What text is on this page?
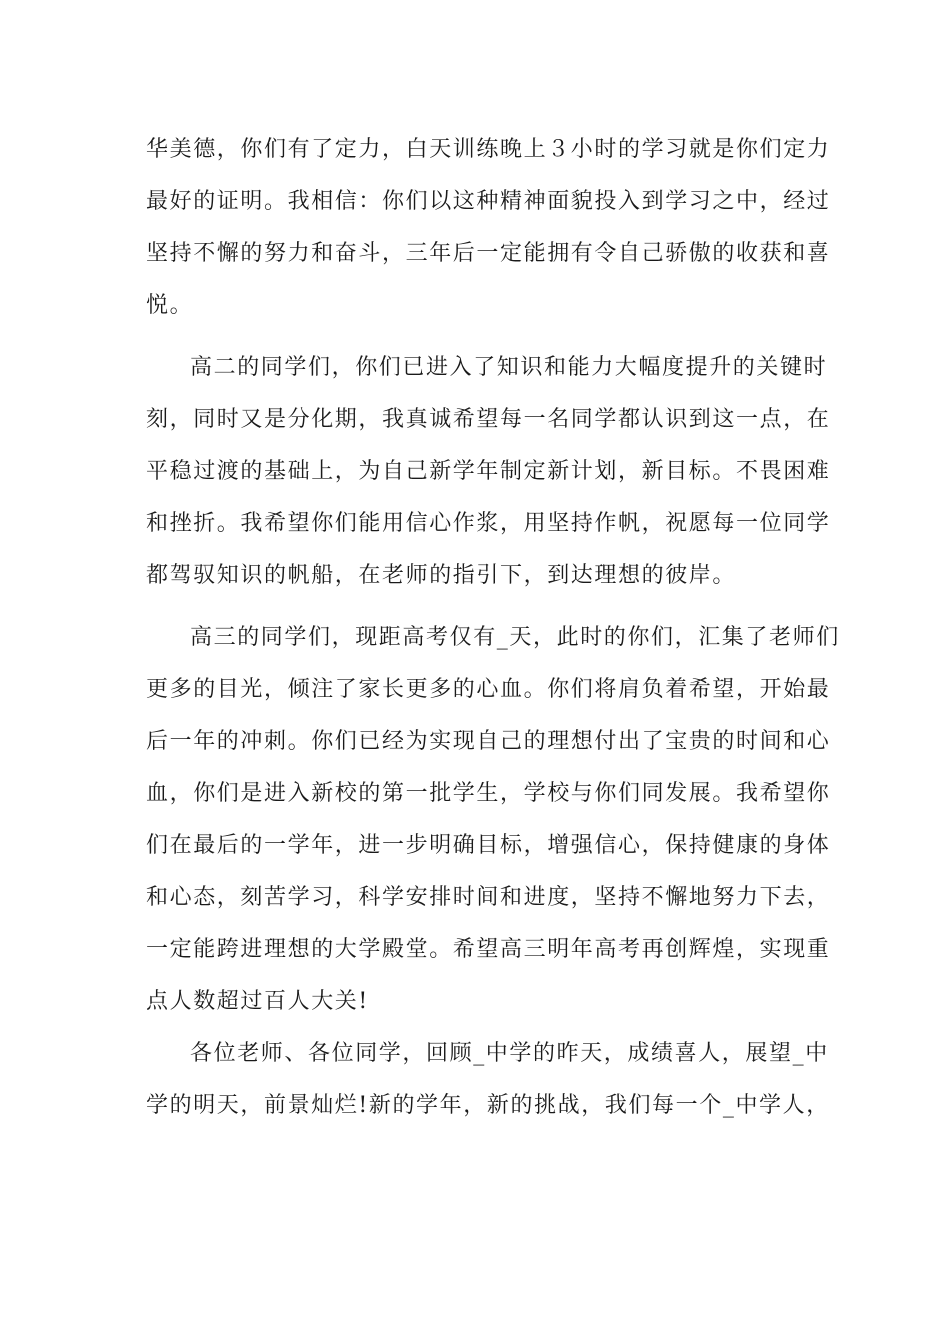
华美德，你们有了定力，白天训练晚上３小时的学习就是你们定力
最好的证明。我相信：你们以这种精神面貌投入到学习之中，经过
坚持不懈的努力和奋斗，三年后一定能拥有令自己骄傲的收获和喜
悦。
高二的同学们，你们已进入了知识和能力大幅度提升的关键时
刻，同时又是分化期，我真诚希望每一名同学都认识到这一点，在
平稳过渡的基础上，为自己新学年制定新计划，新目标。不畏困难
和挫折。我希望你们能用信心作浆，用坚持作帆，祝愿每一位同学
都驾驭知识的帆船，在老师的指引下，到达理想的彼岸。
高三的同学们，现距高考仅有_天，此时的你们，汇集了老师们
更多的目光，倾注了家长更多的心血。你们将肩负着希望，开始最
后一年的冲刺。你们已经为实现自己的理想付出了宝贵的时间和心
血，你们是进入新校的第一批学生，学校与你们同发展。我希望你
们在最后的一学年，进一步明确目标，增强信心，保持健康的身体
和心态，刻苦学习，科学安排时间和进度，坚持不懈地努力下去，
一定能跨进理想的大学殿堂。希望高三明年高考再创辉煌，实现重
点人数超过百人大关!
各位老师、各位同学，回顾_中学的昨天，成绩喜人，展望_中
学的明天，前景灿烂!新的学年，新的挑战，我们每一个_中学人，
